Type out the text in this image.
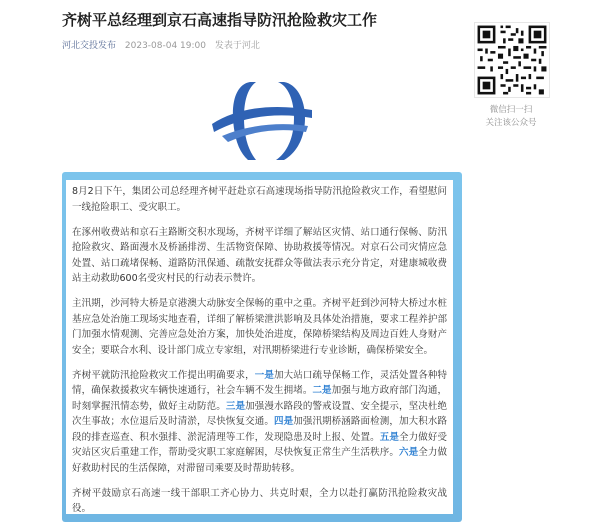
齐树平总经理到京石高速指导防汛抢险救灾工作
河北交投发布 2023-08-04 19:00 发表于河北
微信扫一扫
关注该公众号

8月2日下午，集团公司总经理齐树平赶赴京石高速现场指导防汛抢险救灾工作，看望慰问一线抢险职工、受灾职工。

在涿州收费站和京石主路断交积水现场，齐树平详细了解站区灾情、站口通行保畅、防汛抢险救灾、路面漫水及桥涵排涝、生活物资保障、协助救援等情况。对京石公司灾情应急处置、站口疏堵保畅、道路防汛保通、疏散安抚群众等做法表示充分肯定，对建康城收费站主动救助600名受灾村民的行动表示赞许。

主汛期，沙河特大桥是京港澳大动脉安全保畅的重中之重。齐树平赶到沙河特大桥过水桩基应急处治施工现场实地查看，详细了解桥梁泄洪影响及具体处治措施，要求工程养护部门加强水情观测、完善应急处治方案，加快处治进度，保障桥梁结构及周边百姓人身财产安全；要联合水利、设计部门成立专家组，对汛期桥梁进行专业诊断，确保桥梁安全。

齐树平就防汛抢险救灾工作提出明确要求，一是加大站口疏导保畅工作，灵活处置各种特情，确保救援救灾车辆快速通行，社会车辆不发生拥堵。二是加强与地方政府部门沟通，时刻掌握汛情态势，做好主动防范。三是加强漫水路段的警戒设置、安全提示，坚决杜绝次生事故；水位退后及时清淤，尽快恢复交通。四是加强汛期桥涵路面检测，加大积水路段的排查巡查、积水强排、淤泥清理等工作，发现隐患及时上报、处置。五是全力做好受灾站区灾后重建工作，帮助受灾职工家庭解困，尽快恢复正常生产生活秩序。六是全力做好救助村民的生活保障，对滞留司乘要及时帮助转移。

齐树平鼓励京石高速一线干部职工齐心协力、共克时艰，全力以赴打赢防汛抢险救灾战役。
